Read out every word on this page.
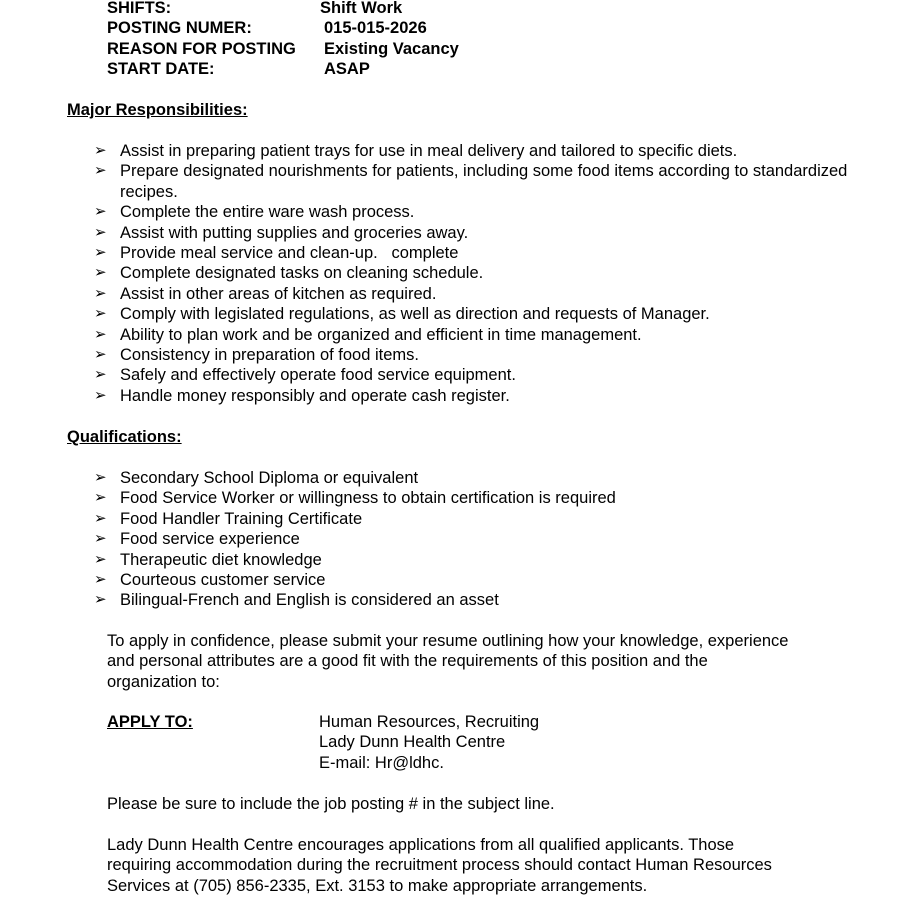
SHIFTS:	Shift Work
POSTING NUMER:	015-015-2026
REASON FOR POSTING Existing Vacancy
START DATE:	ASAP
Major Responsibilities:
➢ Assist in preparing patient trays for use in meal delivery and tailored to specific diets.
➢ Prepare designated nourishments for patients, including some food items according to standardized recipes.
➢ Complete the entire ware wash process.
➢ Assist with putting supplies and groceries away.
➢ Provide meal service and clean-up.   complete
➢ Complete designated tasks on cleaning schedule.
➢ Assist in other areas of kitchen as required.
➢ Comply with legislated regulations, as well as direction and requests of Manager.
➢ Ability to plan work and be organized and efficient in time management.
➢ Consistency in preparation of food items.
➢ Safely and effectively operate food service equipment.
➢ Handle money responsibly and operate cash register.
Qualifications:
➢ Secondary School Diploma or equivalent
➢ Food Service Worker or willingness to obtain certification is required
➢ Food Handler Training Certificate
➢ Food service experience
➢ Therapeutic diet knowledge
➢ Courteous customer service
➢ Bilingual-French and English is considered an asset
To apply in confidence, please submit your resume outlining how your knowledge, experience and personal attributes are a good fit with the requirements of this position and the organization to:
APPLY TO:	Human Resources, Recruiting
Lady Dunn Health Centre
E-mail: Hr@ldhc.
Please be sure to include the job posting # in the subject line.
Lady Dunn Health Centre encourages applications from all qualified applicants. Those requiring accommodation during the recruitment process should contact Human Resources Services at (705) 856-2335, Ext. 3153 to make appropriate arrangements.
